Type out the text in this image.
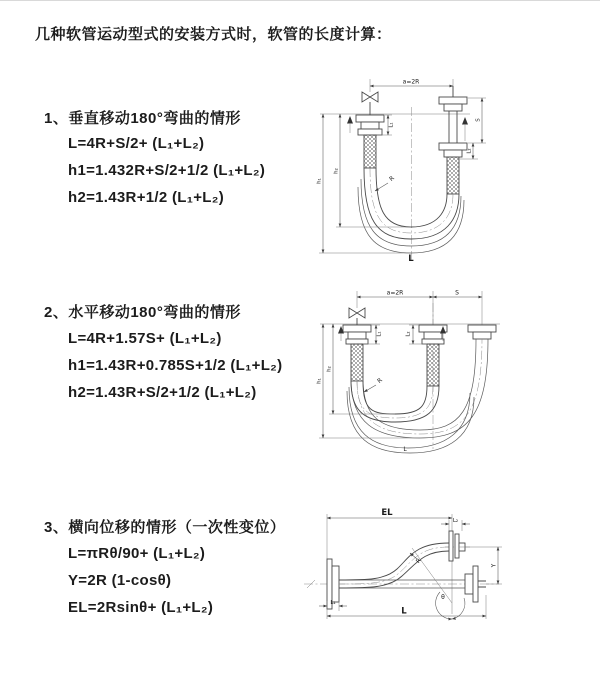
几种软管运动型式的安装方式时，软管的长度计算：
1、垂直移动180°弯曲的情形
L=4R+S/2+ (L₁+L₂)
h1=1.432R+S/2+1/2 (L₁+L₂)
h2=1.43R+1/2 (L₁+L₂)
a=2R
h₁
h₂
S
L₂
L₁
R
L
2、水平移动180°弯曲的情形
L=4R+1.57S+ (L₁+L₂)
h1=1.43R+0.785S+1/2 (L₁+L₂)
h2=1.43R+S/2+1/2 (L₁+L₂)
a=2R	S
h₁
h₂
L₁	L₂
R
L
3、横向位移的情形（一次性变位）
L=πRθ/90+ (L₁+L₂)
Y=2R (1-cosθ)
EL=2Rsinθ+ (L₁+L₂)
EL
L₂
θ
R
Y
L₁
L
